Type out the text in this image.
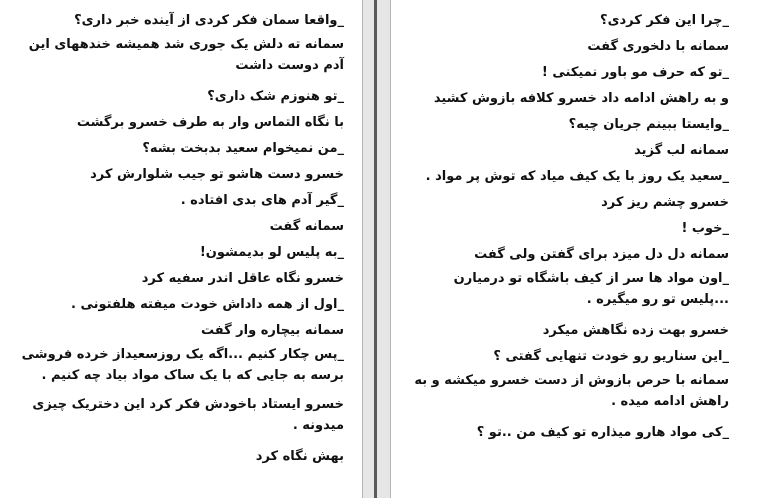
_واقعا سمان فکر کردی از آینده خبر داری؟
سمانه ته دلش یک جوری شد همیشه خندههای این
آدم دوست داشت
_تو هنوزم شک داری؟
با نگاه التماس وار به طرف خسرو برگشت
_من نمیخوام سعید بدبخت بشه؟
خسرو دست هاشو تو جیب شلوارش کرد
_گیر آدم های بدی افتاده .
سمانه گفت
_به پلیس لو بدیمشون!
خسرو نگاه عاقل اندر سفیه کرد
_اول از همه داداش خودت میفته هلفتونی .
سمانه بیچاره وار گفت
_پس چکار کنیم ...اگه یک روزسعیداز خرده فروشی
برسه به جایی که با یک ساک مواد بیاد چه کنیم .
خسرو ایستاد باخودش فکر کرد این دختریک چیزی
میدونه .
بهش نگاه کرد
_چرا این فکر کردی؟
سمانه با دلخوری گفت
_تو که حرف مو باور نمیکنی !
و به راهش ادامه داد خسرو کلافه بازوش کشید
_وایستا ببینم جریان چیه؟
سمانه لب گزید
_سعید یک روز با یک کیف میاد که توش پر مواد .
خسرو چشم ریز کرد
_خوب !
سمانه دل دل میزد برای گفتن ولی گفت
_اون مواد ها سر از کیف باشگاه تو درمیارن
...پلیس تو رو میگیره .
خسرو بهت زده نگاهش میکرد
_این سناریو رو خودت تنهایی گفتی ؟
سمانه با حرص بازوش از دست خسرو میکشه و به
راهش ادامه میده .
_کی مواد هارو میذاره تو کیف من ..تو ؟
